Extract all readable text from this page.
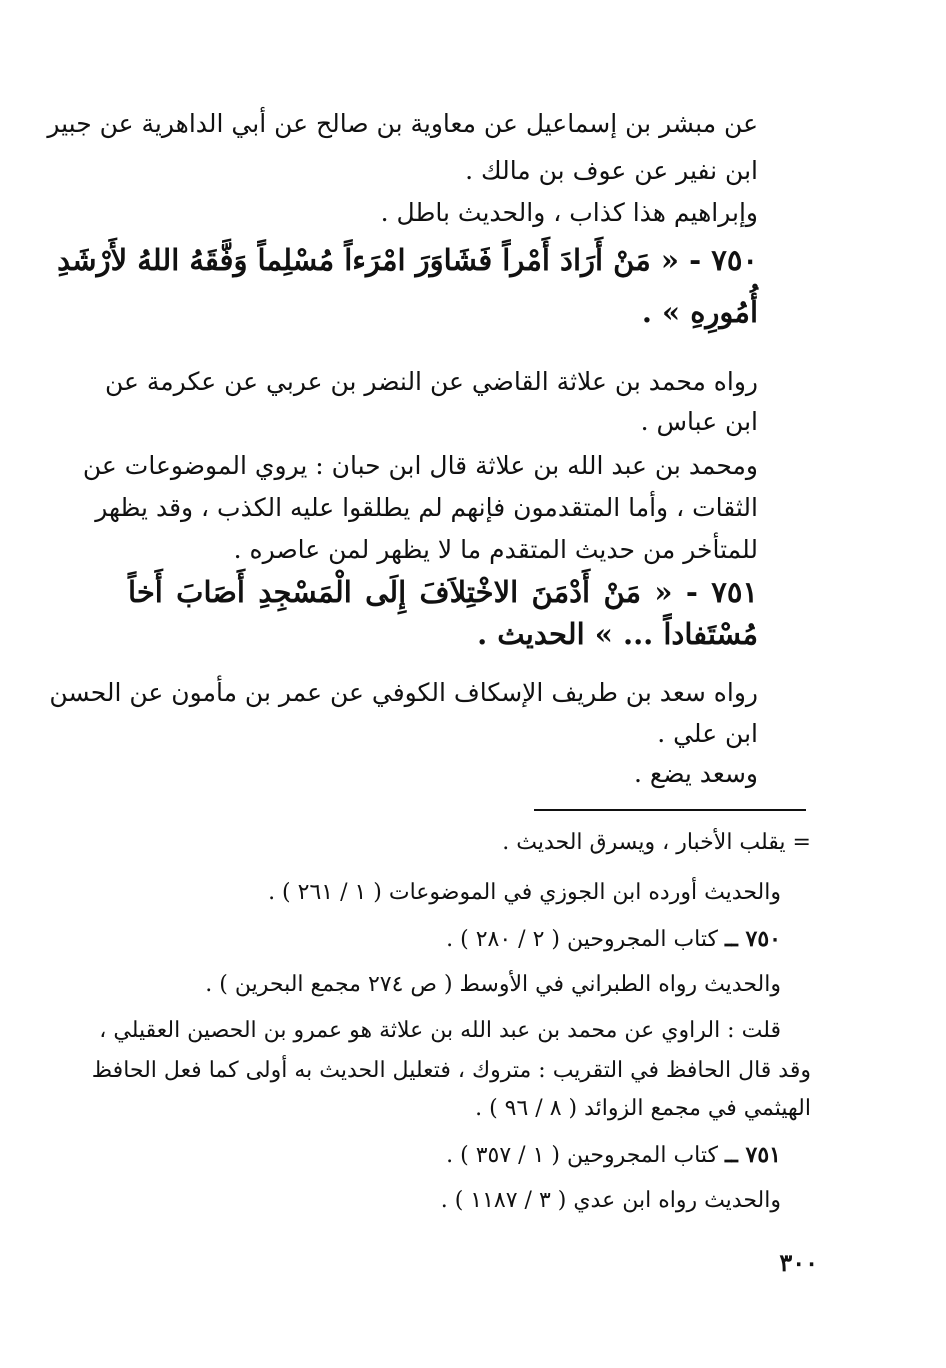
عن مبشر بن إسماعيل عن معاوية بن صالح عن أبي الداهرية عن جبير
ابن نفير عن عوف بن مالك .
وإبراهيم هذا كذاب ، والحديث باطل .
٧٥٠ - « مَنْ أَرَادَ أَمْراً فَشَاوَرَ امْرَءاً مُسْلِماً وَفَّقَهُ اللهُ لأَرْشَدِ
أُمُورِهِ » .
رواه محمد بن علاثة القاضي عن النضر بن عربي عن عكرمة عن
ابن عباس .
ومحمد بن عبد الله بن علاثة قال ابن حبان : يروي الموضوعات عن
الثقات ، وأما المتقدمون فإنهم لم يطلقوا عليه الكذب ، وقد يظهر
للمتأخر من حديث المتقدم ما لا يظهر لمن عاصره .
٧٥١ - « مَنْ أَدْمَنَ الاخْتِلاَفَ إِلَى الْمَسْجِدِ أَصَابَ أَخاً
مُسْتَفاداً ... » الحديث .
رواه سعد بن طريف الإسكاف الكوفي عن عمر بن مأمون عن الحسن
ابن علي .
وسعد يضع .
= يقلب الأخبار ، ويسرق الحديث .
والحديث أورده ابن الجوزي في الموضوعات ( ١ / ٢٦١ ) .
٧٥٠ ــ كتاب المجروحين ( ٢ / ٢٨٠ ) .
والحديث رواه الطبراني في الأوسط ( ص ٢٧٤ مجمع البحرين ) .
قلت : الراوي عن محمد بن عبد الله بن علاثة هو عمرو بن الحصين العقيلي ،
وقد قال الحافظ في التقريب : متروك ، فتعليل الحديث به أولى كما فعل الحافظ
الهيثمي في مجمع الزوائد ( ٨ / ٩٦ ) .
٧٥١ ــ كتاب المجروحين ( ١ / ٣٥٧ ) .
والحديث رواه ابن عدي ( ٣ / ١١٨٧ ) .
٣٠٠
